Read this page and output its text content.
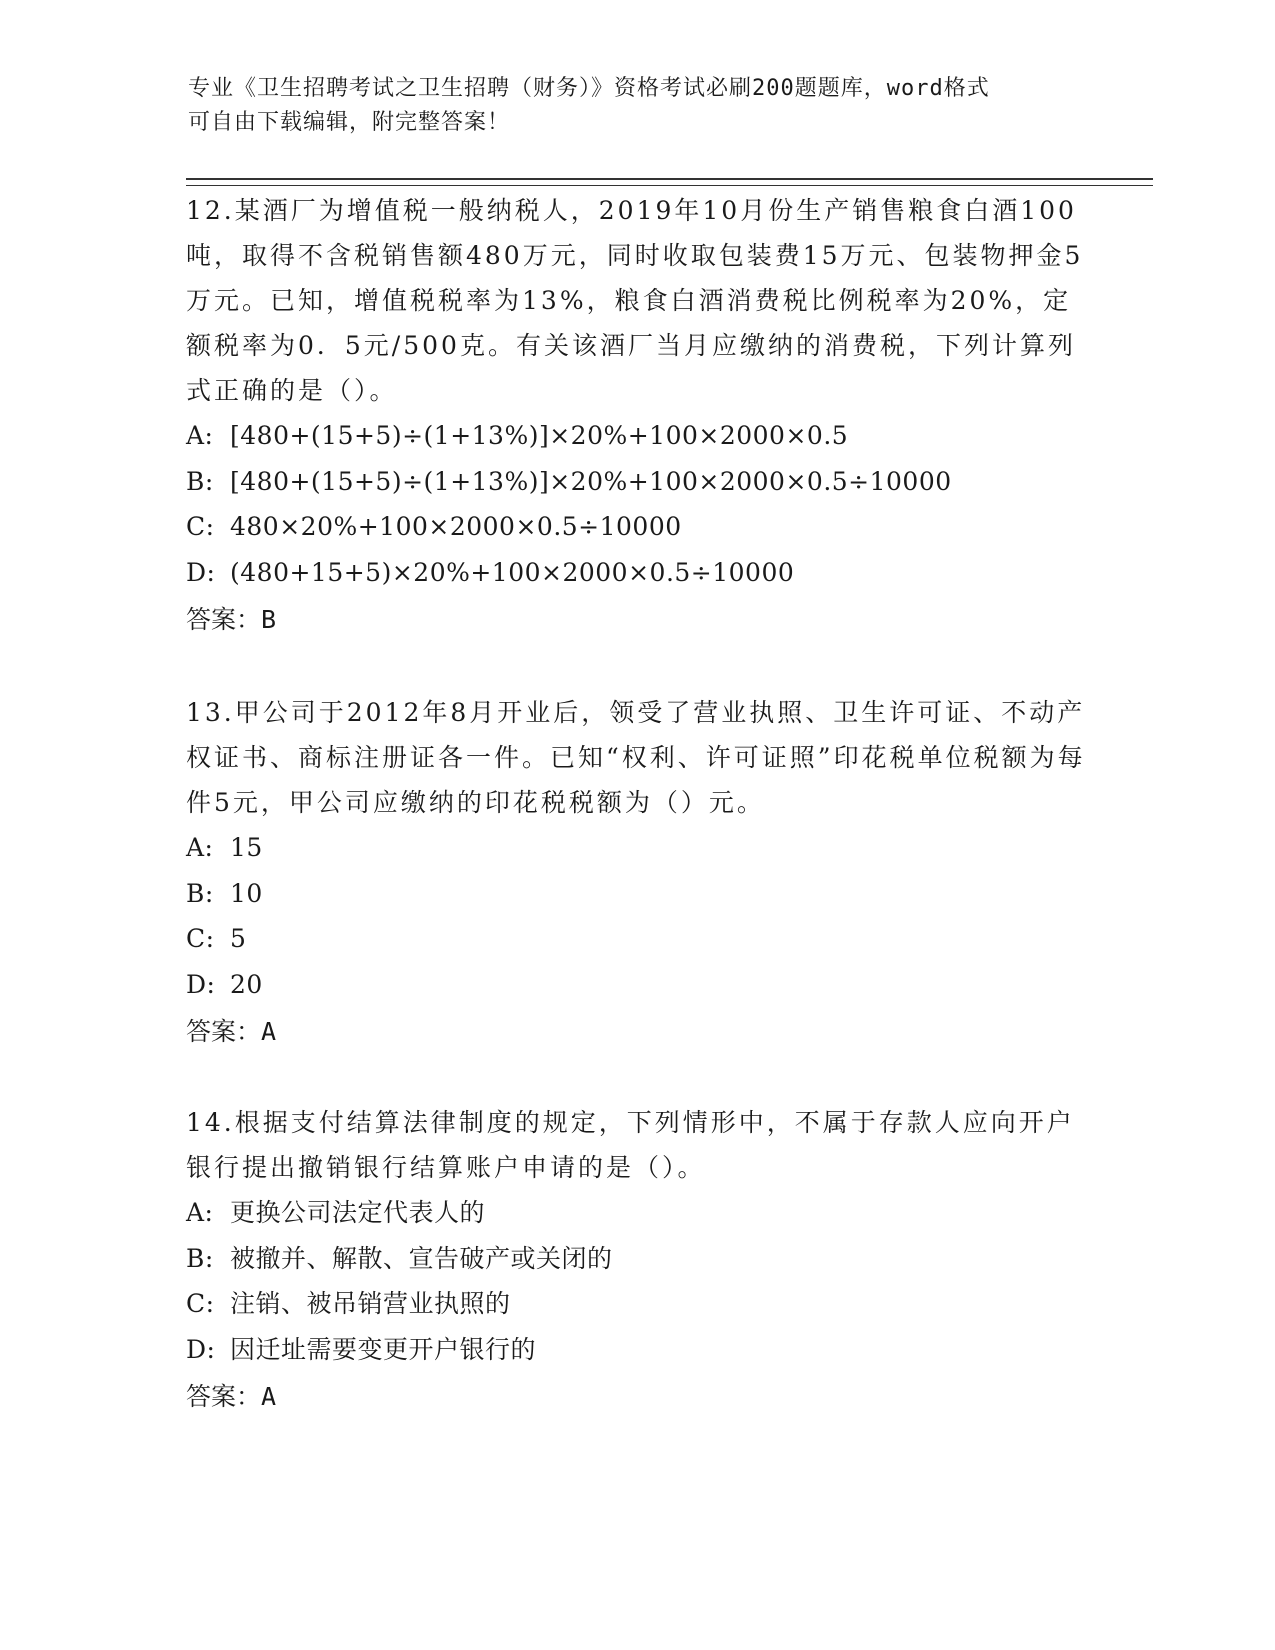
专业《卫生招聘考试之卫生招聘（财务）》资格考试必刷200题题库，word格式
可自由下载编辑，附完整答案！
12.某酒厂为增值税一般纳税人，2019年10月份生产销售粮食白酒100吨，取得不含税销售额480万元，同时收取包装费15万元、包装物押金5万元。已知，增值税税率为13%，粮食白酒消费税比例税率为20%，定额税率为0．5元/500克。有关该酒厂当月应缴纳的消费税，下列计算列式正确的是（）。
A: [480+(15+5)÷(1+13%)]×20%+100×2000×0.5
B: [480+(15+5)÷(1+13%)]×20%+100×2000×0.5÷10000
C: 480×20%+100×2000×0.5÷10000
D: (480+15+5)×20%+100×2000×0.5÷10000
答案：B
13.甲公司于2012年8月开业后，领受了营业执照、卫生许可证、不动产权证书、商标注册证各一件。已知“权利、许可证照”印花税单位税额为每件5元，甲公司应缴纳的印花税税额为（）元。
A: 15
B: 10
C: 5
D: 20
答案：A
14.根据支付结算法律制度的规定，下列情形中，不属于存款人应向开户银行提出撤销银行结算账户申请的是（）。
A: 更换公司法定代表人的
B: 被撤并、解散、宣告破产或关闭的
C: 注销、被吊销营业执照的
D: 因迁址需要变更开户银行的
答案：A
